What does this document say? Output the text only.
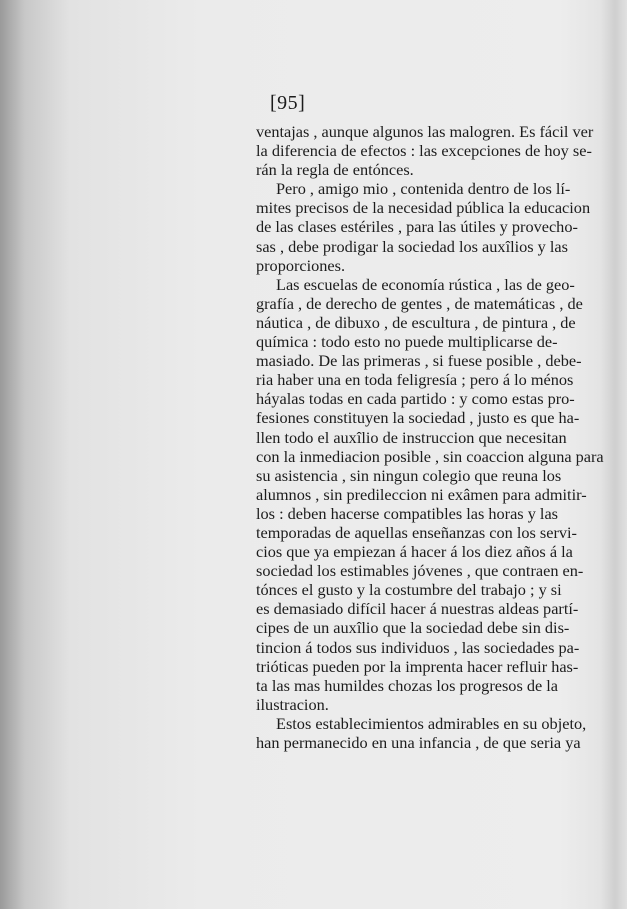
[95]
ventajas , aunque algunos las malogren. Es fácil ver
la diferencia de efectos : las excepciones de hoy se-
rán la regla de entónces.
Pero , amigo mio , contenida dentro de los lí-
mites precisos de la necesidad pública la educacion
de las clases estériles , para las útiles y provecho-
sas , debe prodigar la sociedad los auxîlios y las
proporciones.
Las escuelas de economía rústica , las de geo-
grafía , de derecho de gentes , de matemáticas , de
náutica , de dibuxo , de escultura , de pintura , de
química : todo esto no puede multiplicarse de-
masiado. De las primeras , si fuese posible , debe-
ria haber una en toda feligresía ; pero á lo ménos
háyalas todas en cada partido : y como estas pro-
fesiones constituyen la sociedad , justo es que ha-
llen todo el auxîlio de instruccion que necesitan
con la inmediacion posible , sin coaccion alguna para
su asistencia , sin ningun colegio que reuna los
alumnos , sin predileccion ni exâmen para admitir-
los : deben hacerse compatibles las horas y las
temporadas de aquellas enseñanzas con los servi-
cios que ya empiezan á hacer á los diez años á la
sociedad los estimables jóvenes , que contraen en-
tónces el gusto y la costumbre del trabajo ; y si
es demasiado difícil hacer á nuestras aldeas partí-
cipes de un auxîlio que la sociedad debe sin dis-
tincion á todos sus individuos , las sociedades pa-
trióticas pueden por la imprenta hacer refluir has-
ta las mas humildes chozas los progresos de la
ilustracion.
Estos establecimientos admirables en su objeto,
han permanecido en una infancia , de que seria ya
